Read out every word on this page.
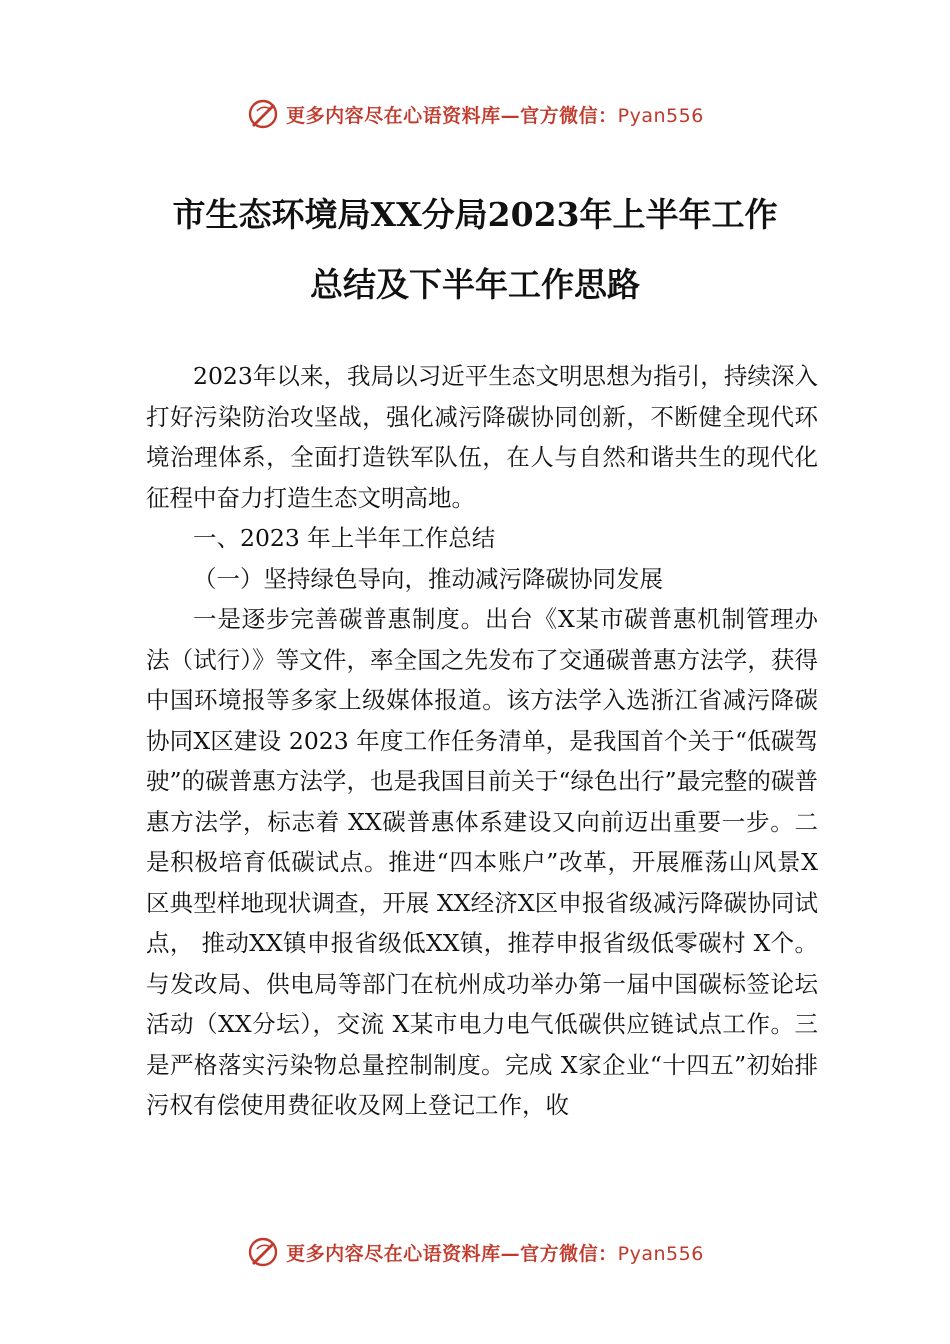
更多内容尽在心语资料库—官方微信：Pyan556
市生态环境局XX分局2023年上半年工作
总结及下半年工作思路

2023年以来，我局以习近平生态文明思想为指引，持续深入打好污染防治攻坚战，强化减污降碳协同创新，不断健全现代环境治理体系，全面打造铁军队伍，在人与自然和谐共生的现代化征程中奋力打造生态文明高地。

一、2023 年上半年工作总结

（一）坚持绿色导向，推动减污降碳协同发展

一是逐步完善碳普惠制度。出台《X某市碳普惠机制管理办法（试行）》等文件，率全国之先发布了交通碳普惠方法学，获得中国环境报等多家上级媒体报道。该方法学入选浙江省减污降碳协同X区建设 2023 年度工作任务清单，是我国首个关于“低碳驾驶”的碳普惠方法学，也是我国目前关于“绿色出行”最完整的碳普惠方法学，标志着 XX碳普惠体系建设又向前迈出重要一步。二是积极培育低碳试点。推进“四本账户”改革，开展雁荡山风景X区典型样地现状调查，开展 XX经济X区申报省级减污降碳协同试点， 推动XX镇申报省级低XX镇，推荐申报省级低零碳村 X个。与发改局、供电局等部门在杭州成功举办第一届中国碳标签论坛活动（XX分坛），交流 X某市电力电气低碳供应链试点工作。三是严格落实污染物总量控制制度。完成 X家企业“十四五”初始排污权有偿使用费征收及网上登记工作，收

更多内容尽在心语资料库—官方微信：Pyan556
